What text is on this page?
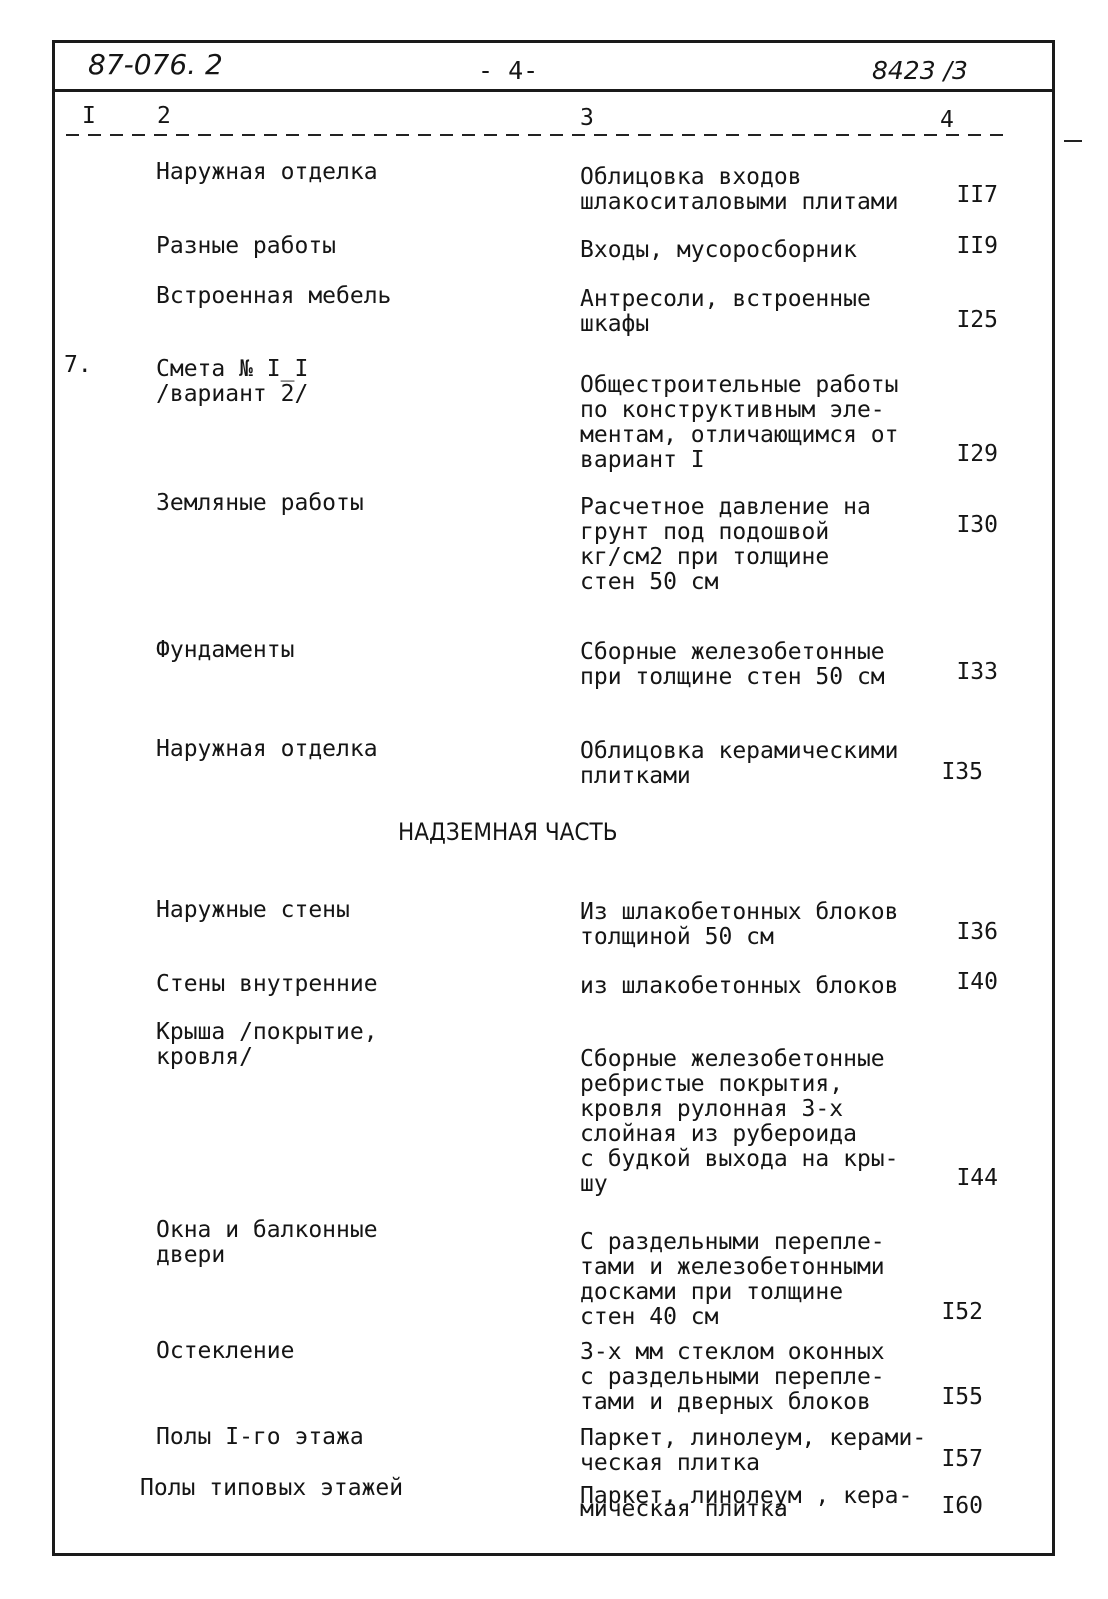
87-076. 2	- 4-	8423 /3
I	2	3	4
Наружная отделка	Облицовка входов
шлакоситаловыми плитами	II7
Разные работы	Входы, мусоросборник	II9
Встроенная мебель	Антресоли, встроенные
шкафы	I25
7.	Смета № I_I
/вариант 2/	Общестроительные работы
по конструктивным эле-
ментам, отличающимся от
вариант I	I29
Земляные работы	Расчетное давление на
грунт под подошвой
кг/см2 при толщине
стен 50 см
I30
Фундаменты	Сборные железобетонные
при толщине стен 50 см	I33
Наружная отделка	Облицовка керамическими
плитками	I35
НАДЗЕМНАЯ ЧАСТЬ
Наружные стены	Из шлакобетонных блоков
толщиной 50 см	I36
Стены внутренние	из шлакобетонных блоков	I40
Крыша /покрытие,
кровля/	Сборные железобетонные
ребристые покрытия,
кровля рулонная 3-х
слойная из рубероида
с будкой выхода на кры-
шу	I44
Окна и балконные
двери	С раздельными перепле-
тами и железобетонными
досками при толщине
стен 40 см	I52
Остекление	3-х мм стеклом оконных
с раздельными перепле-
тами и дверных блоков	I55
Полы I-го этажа	Паркет, линолеум, керами-
ческая плитка	I57
Полы типовых этажей	Паркет, линолеум , кера-
мическая плитка	I60
